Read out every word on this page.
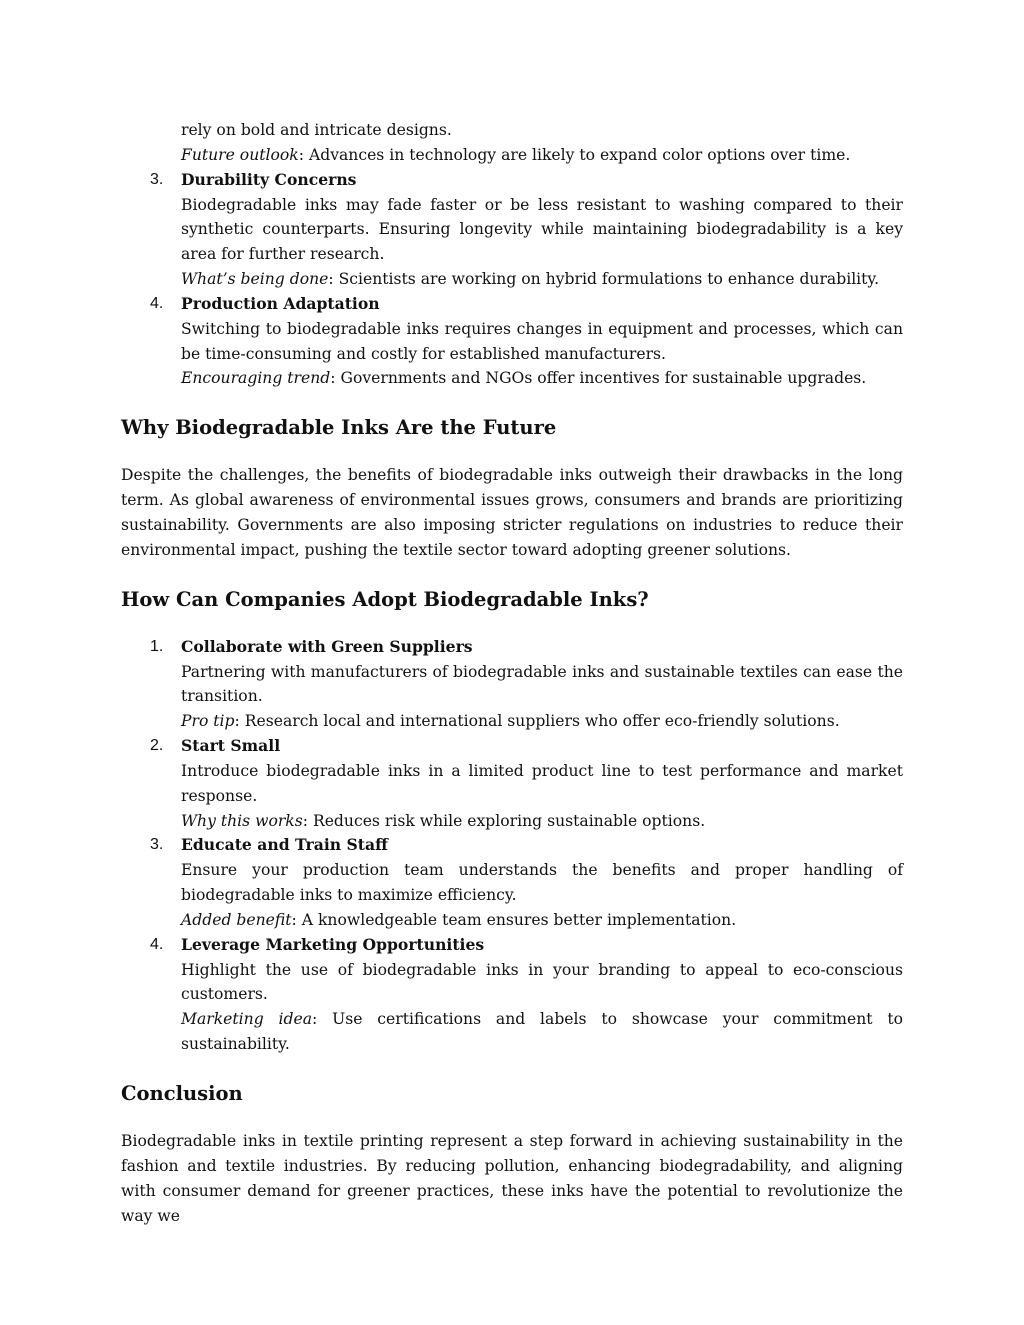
rely on bold and intricate designs.

Future outlook: Advances in technology are likely to expand color options over time.

3. Durability Concerns

Biodegradable inks may fade faster or be less resistant to washing compared to their synthetic counterparts. Ensuring longevity while maintaining biodegradability is a key area for further research.

What’s being done: Scientists are working on hybrid formulations to enhance durability.

4. Production Adaptation

Switching to biodegradable inks requires changes in equipment and processes, which can be time-consuming and costly for established manufacturers.

Encouraging trend: Governments and NGOs offer incentives for sustainable upgrades.

Why Biodegradable Inks Are the Future

Despite the challenges, the benefits of biodegradable inks outweigh their drawbacks in the long term. As global awareness of environmental issues grows, consumers and brands are prioritizing sustainability. Governments are also imposing stricter regulations on industries to reduce their environmental impact, pushing the textile sector toward adopting greener solutions.

How Can Companies Adopt Biodegradable Inks?
1. Collaborate with Green Suppliers

Partnering with manufacturers of biodegradable inks and sustainable textiles can ease the transition.

Pro tip: Research local and international suppliers who offer eco-friendly solutions.

2. Start Small

Introduce biodegradable inks in a limited product line to test performance and market response.

Why this works: Reduces risk while exploring sustainable options.

3. Educate and Train Staff

Ensure your production team understands the benefits and proper handling of biodegradable inks to maximize efficiency.

Added benefit: A knowledgeable team ensures better implementation.

4. Leverage Marketing Opportunities

Highlight the use of biodegradable inks in your branding to appeal to eco-conscious customers.

Marketing idea: Use certifications and labels to showcase your commitment to sustainability.

Conclusion

Biodegradable inks in textile printing represent a step forward in achieving sustainability in the fashion and textile industries. By reducing pollution, enhancing biodegradability, and aligning with consumer demand for greener practices, these inks have the potential to revolutionize the way we
